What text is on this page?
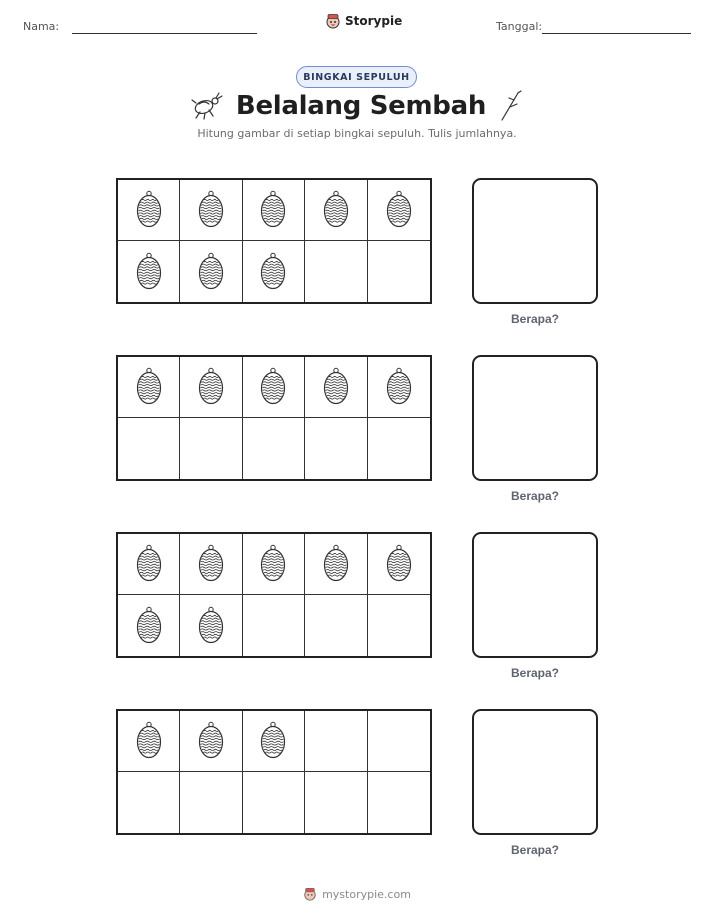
Nama:	Storypie	Tanggal:
BINGKAI SEPULUH
Belalang Sembah
Hitung gambar di setiap bingkai sepuluh. Tulis jumlahnya.
Berapa?
Berapa?
Berapa?
Berapa?
mystorypie.com
